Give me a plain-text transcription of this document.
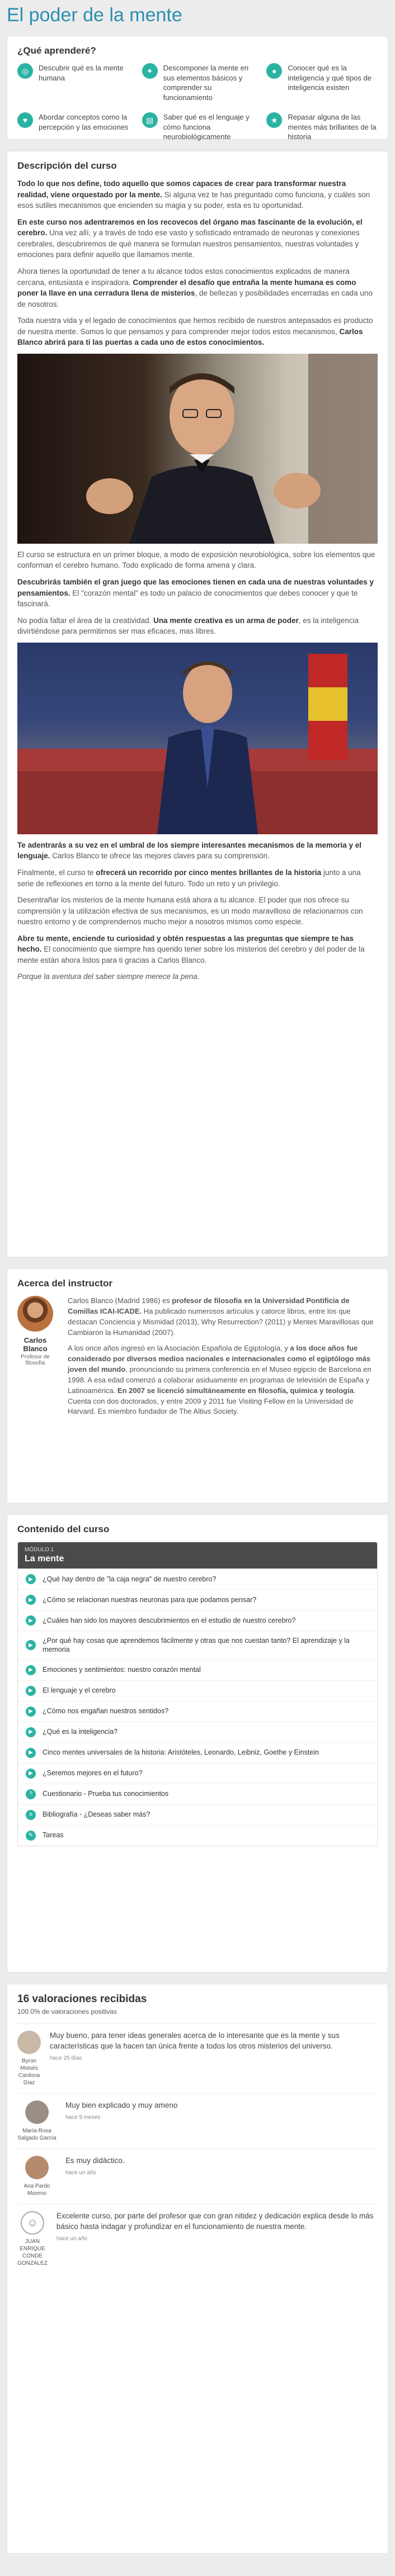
El poder de la mente
¿Qué aprenderé?
◎	Descubrir qué es la mente humana
✦	Descomponer la mente en sus elementos básicos y comprender su funcionamiento
●	Conocer qué es la inteligencia y qué tipos de inteligencia existen
♥	Abordar conceptos como la percepción y las emociones
▤	Saber qué es el lenguaje y cómo funciona neurobiológicamente
★	Repasar alguna de las mentes más brillantes de la historia
Descripción del curso

Todo lo que nos define, todo aquello que somos capaces de crear para transformar nuestra realidad, viene orquestado por la mente. Si alguna vez te has preguntado como funciona, y cuáles son esos sutiles mecanismos que encienden su magia y su poder, esta es tu oportunidad.

En este curso nos adentraremos en los recovecos del órgano mas fascinante de la evolución, el cerebro. Una vez allí, y a través de todo ese vasto y sofisticado entramado de neuronas y conexiones cerebrales, descubriremos de qué manera se formulan nuestros pensamientos, nuestras voluntades y emociones para definir aquello que llamamos mente.

Ahora tienes la oportunidad de tener a tu alcance todos estos conocimientos explicados de manera cercana, entusiasta e inspiradora. Comprender el desafío que entraña la mente humana es como poner la llave en una cerradura llena de misterios, de bellezas y posibilidades encerradas en cada uno de nosotros.

Toda nuestra vida y el legado de conocimientos que hemos recibido de nuestros antepasados es producto de nuestra mente. Somos lo que pensamos y para comprender mejor todos estos mecanismos, Carlos Blanco abrirá para ti las puertas a cada uno de estos conocimientos.

El curso se estructura en un primer bloque, a modo de exposición neurobiológica, sobre los elementos que conforman el cerebro humano. Todo explicado de forma amena y clara.

Descubrirás también el gran juego que las emociones tienen en cada una de nuestras voluntades y pensamientos. El "corazón mental" es todo un palacio de conocimientos que debes conocer y que te fascinará.

No podía faltar el área de la creatividad. Una mente creativa es un arma de poder, es la inteligencia divirtiéndose para permitirnos ser mas eficaces, mas libres.

Te adentrarás a su vez en el umbral de los siempre interesantes mecanismos de la memoria y el lenguaje. Carlos Blanco te ofrece las mejores claves para su comprensión.

Finalmente, el curso te ofrecerá un recorrido por cinco mentes brillantes de la historia junto a una serie de reflexiones en torno a la mente del futuro. Todo un reto y un privilegio.

Desentrañar los misterios de la mente humana está ahora a tu alcance. El poder que nos ofrece su comprensión y la utilización efectiva de sus mecanismos, es un modo maravilloso de relacionarnos con nuestro entorno y de comprendernos mucho mejor a nosotros mismos como especie.

Abre tu mente, enciende tu curiosidad y obtén respuestas a las preguntas que siempre te has hecho. El conocimiento que siempre has querido tener sobre los misterios del cerebro y del poder de la mente están ahora listos para ti gracias a Carlos Blanco.

Porque la aventura del saber siempre merece la pena.

Acerca del instructor
Carlos Blanco
Profesor de filosofía

Carlos Blanco (Madrid 1986) es profesor de filosofía en la Universidad Pontificia de Comillas ICAI-ICADE. Ha publicado numerosos artículos y catorce libros, entre los que destacan Conciencia y Mismidad (2013), Why Resurrection? (2011) y Mentes Maravillosas que Cambiaron la Humanidad (2007).

A los once años ingresó en la Asociación Española de Egiptología, y a los doce años fue considerado por diversos medios nacionales e internacionales como el egiptólogo más joven del mundo, pronunciando su primera conferencia en el Museo egipcio de Barcelona en 1998. A esa edad comenzó a colaborar asiduamente en programas de televisión de España y Latinoamérica. En 2007 se licenció simultáneamente en filosofía, química y teología. Cuenta con dos doctorados, y entre 2009 y 2011 fue Visiting Fellow en la Universidad de Harvard. Es miembro fundador de The Altius Society.

Contenido del curso
MÓDULO 1
La mente
▶	¿Qué hay dentro de "la caja negra" de nuestro cerebro?
▶	¿Cómo se relacionan nuestras neuronas para que podamos pensar?
▶	¿Cuáles han sido los mayores descubrimientos en el estudio de nuestro cerebro?
▶
¿Por qué hay cosas que aprendemos fácilmente y otras que nos cuestan tanto? El aprendizaje y la memoria
▶	Emociones y sentimientos: nuestro corazón mental
▶	El lenguaje y el cerebro
▶	¿Cómo nos engañan nuestros sentidos?
▶	¿Qué es la inteligencia?
▶	Cinco mentes universales de la historia: Aristóteles, Leonardo, Leibniz, Goethe y Einstein
▶	¿Seremos mejores en el futuro?
?	Cuestionario - Prueba tus conocimientos
≡	Bibliografía - ¿Deseas saber más?
✎	Tareas
16 valoraciones recibidas
100.0% de valoraciones positivas
Byron Moisés Cardona Díaz
Muy bueno, para tener ideas generales acerca de lo interesante que es la mente y sus características que la hacen tan única frente a todos los otros misterios del universo.
hace 25 días
María Rosa Salgado García
Muy bien explicado y muy ameno
hace 9 meses
Ana Pardo Moreno
Es muy didáctico.
hace un año
☺
JUAN ENRIQUE CONDE GONZALEZ
Excelente curso, por parte del profesor que con gran nitidez y dedicación explica desde lo más básico hasta indagar y profundizar en el funcionamiento de nuestra mente.
hace un año
